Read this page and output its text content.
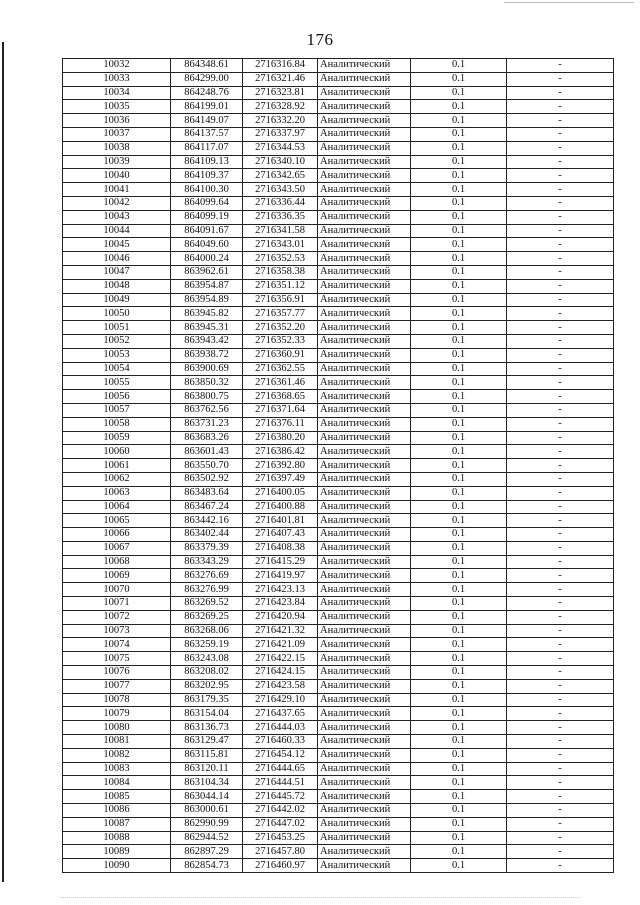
176
10032	864348.61	2716316.84	Аналитический	0.1	-
10033	864299.00	2716321.46	Аналитический	0.1	-
10034	864248.76	2716323.81	Аналитический	0.1	-
10035	864199.01	2716328.92	Аналитический	0.1	-
10036	864149.07	2716332.20	Аналитический	0.1	-
10037	864137.57	2716337.97	Аналитический	0.1	-
10038	864117.07	2716344.53	Аналитический	0.1	-
10039	864109.13	2716340.10	Аналитический	0.1	-
10040	864109.37	2716342.65	Аналитический	0.1	-
10041	864100.30	2716343.50	Аналитический	0.1	-
10042	864099.64	2716336.44	Аналитический	0.1	-
10043	864099.19	2716336.35	Аналитический	0.1	-
10044	864091.67	2716341.58	Аналитический	0.1	-
10045	864049.60	2716343.01	Аналитический	0.1	-
10046	864000.24	2716352.53	Аналитический	0.1	-
10047	863962.61	2716358.38	Аналитический	0.1	-
10048	863954.87	2716351.12	Аналитический	0.1	-
10049	863954.89	2716356.91	Аналитический	0.1	-
10050	863945.82	2716357.77	Аналитический	0.1	-
10051	863945.31	2716352.20	Аналитический	0.1	-
10052	863943.42	2716352.33	Аналитический	0.1	-
10053	863938.72	2716360.91	Аналитический	0.1	-
10054	863900.69	2716362.55	Аналитический	0.1	-
10055	863850.32	2716361.46	Аналитический	0.1	-
10056	863800.75	2716368.65	Аналитический	0.1	-
10057	863762.56	2716371.64	Аналитический	0.1	-
10058	863731.23	2716376.11	Аналитический	0.1	-
10059	863683.26	2716380.20	Аналитический	0.1	-
10060	863601.43	2716386.42	Аналитический	0.1	-
10061	863550.70	2716392.80	Аналитический	0.1	-
10062	863502.92	2716397.49	Аналитический	0.1	-
10063	863483.64	2716400.05	Аналитический	0.1	-
10064	863467.24	2716400.88	Аналитический	0.1	-
10065	863442.16	2716401.81	Аналитический	0.1	-
10066	863402.44	2716407.43	Аналитический	0.1	-
10067	863379.39	2716408.38	Аналитический	0.1	-
10068	863343.29	2716415.29	Аналитический	0.1	-
10069	863276.69	2716419.97	Аналитический	0.1	-
10070	863276.99	2716423.13	Аналитический	0.1	-
10071	863269.52	2716423.84	Аналитический	0.1	-
10072	863269.25	2716420.94	Аналитический	0.1	-
10073	863268.06	2716421.32	Аналитический	0.1	-
10074	863259.19	2716421.09	Аналитический	0.1	-
10075	863243.08	2716422.15	Аналитический	0.1	-
10076	863208.02	2716424.15	Аналитический	0.1	-
10077	863202.95	2716423.58	Аналитический	0.1	-
10078	863179.35	2716429.10	Аналитический	0.1	-
10079	863154.04	2716437.65	Аналитический	0.1	-
10080	863136.73	2716444.03	Аналитический	0.1	-
10081	863129.47	2716460.33	Аналитический	0.1	-
10082	863115.81	2716454.12	Аналитический	0.1	-
10083	863120.11	2716444.65	Аналитический	0.1	-
10084	863104.34	2716444.51	Аналитический	0.1	-
10085	863044.14	2716445.72	Аналитический	0.1	-
10086	863000.61	2716442.02	Аналитический	0.1	-
10087	862990.99	2716447.02	Аналитический	0.1	-
10088	862944.52	2716453.25	Аналитический	0.1	-
10089	862897.29	2716457.80	Аналитический	0.1	-
10090	862854.73	2716460.97	Аналитический	0.1	-
